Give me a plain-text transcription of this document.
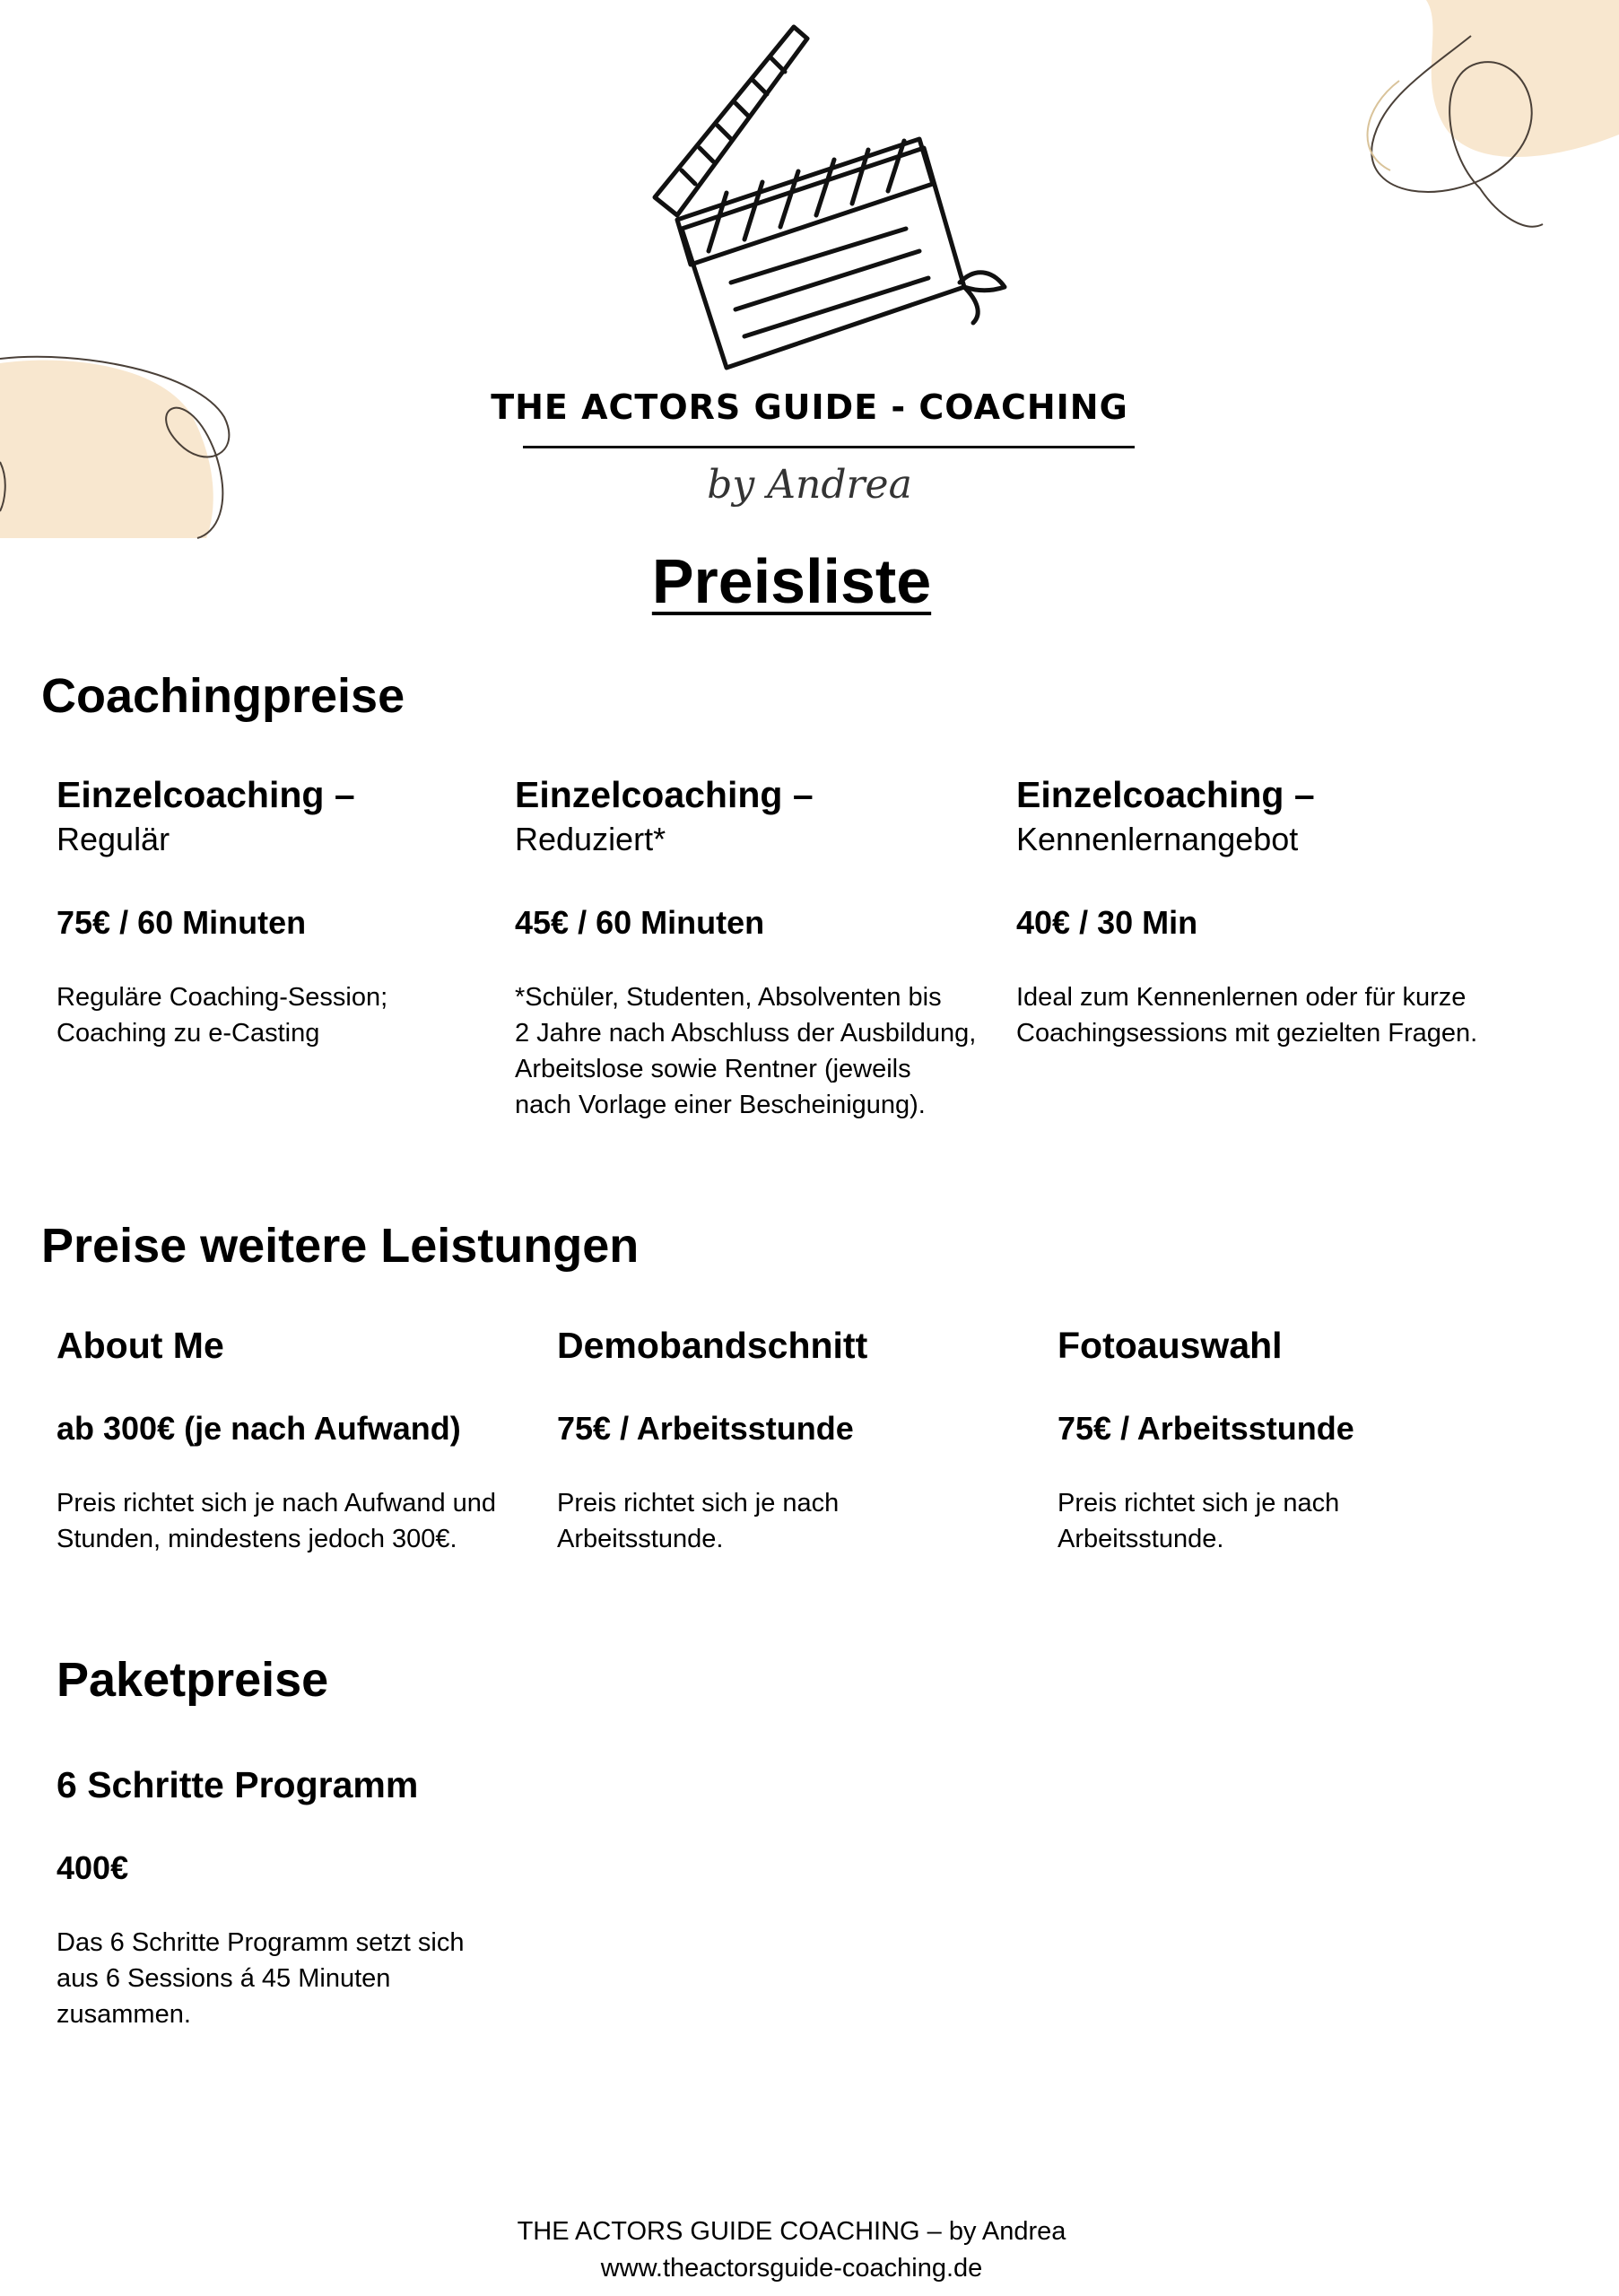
THE ACTORS GUIDE - COACHING
by Andrea
Preisliste
Coachingpreise
Einzelcoaching –
Regulär
75€ / 60 Minuten
Reguläre Coaching-Session;
Coaching zu e-Casting
Einzelcoaching –
Reduziert*
45€ / 60 Minuten
*Schüler, Studenten, Absolventen bis
2 Jahre nach Abschluss der Ausbildung,
Arbeitslose sowie Rentner (jeweils
nach Vorlage einer Bescheinigung).
Einzelcoaching –
Kennenlernangebot
40€ / 30 Min
Ideal zum Kennenlernen oder für kurze
Coachingsessions mit gezielten Fragen.
Preise weitere Leistungen
About Me
ab 300€ (je nach Aufwand)
Preis richtet sich je nach Aufwand und
Stunden, mindestens jedoch 300€.
Demobandschnitt
75€ / Arbeitsstunde
Preis richtet sich je nach
Arbeitsstunde.
Fotoauswahl
75€ / Arbeitsstunde
Preis richtet sich je nach
Arbeitsstunde.
Paketpreise
6 Schritte Programm
400€
Das 6 Schritte Programm setzt sich
aus 6 Sessions á 45 Minuten
zusammen.
THE ACTORS GUIDE COACHING – by Andrea
www.theactorsguide-coaching.de
